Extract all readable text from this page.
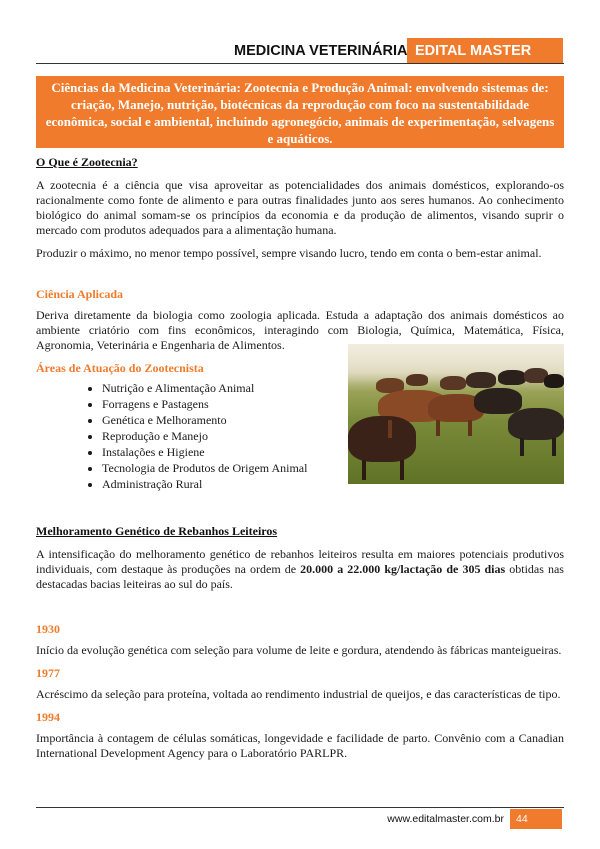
MEDICINA VETERINÁRIA EDITAL MASTER
Ciências da Medicina Veterinária: Zootecnia e Produção Animal: envolvendo sistemas de: criação, Manejo, nutrição, biotécnicas da reprodução com foco na sustentabilidade econômica, social e ambiental, incluindo agronegócio, animais de experimentação, selvagens e aquáticos.
O Que é Zootecnia?

A zootecnia é a ciência que visa aproveitar as potencialidades dos animais domésticos, explorando-os racionalmente como fonte de alimento e para outras finalidades junto aos seres humanos. Ao conhecimento biológico do animal somam-se os princípios da economia e da produção de alimentos, visando suprir o mercado com produtos adequados para a alimentação humana.

Produzir o máximo, no menor tempo possível, sempre visando lucro, tendo em conta o bem-estar animal.

Ciência Aplicada

Deriva diretamente da biologia como zoologia aplicada. Estuda a adaptação dos animais domésticos ao ambiente criatório com fins econômicos, interagindo com Biologia, Química, Matemática, Física, Agronomia, Veterinária e Engenharia de Alimentos.

Áreas de Atuação do Zootecnista
• Nutrição e Alimentação Animal
• Forragens e Pastagens
• Genética e Melhoramento
• Reprodução e Manejo
• Instalações e Higiene
• Tecnologia de Produtos de Origem Animal
• Administração Rural
Melhoramento Genético de Rebanhos Leiteiros

A intensificação do melhoramento genético de rebanhos leiteiros resulta em maiores potenciais produtivos individuais, com destaque às produções na ordem de 20.000 a 22.000 kg/lactação de 305 dias obtidas nas destacadas bacias leiteiras ao sul do país.

1930

Início da evolução genética com seleção para volume de leite e gordura, atendendo às fábricas manteigueiras.

1977

Acréscimo da seleção para proteína, voltada ao rendimento industrial de queijos, e das características de tipo.

1994

Importância à contagem de células somáticas, longevidade e facilidade de parto. Convênio com a Canadian International Development Agency para o Laboratório PARLPR.

www.editalmaster.com.br	44
